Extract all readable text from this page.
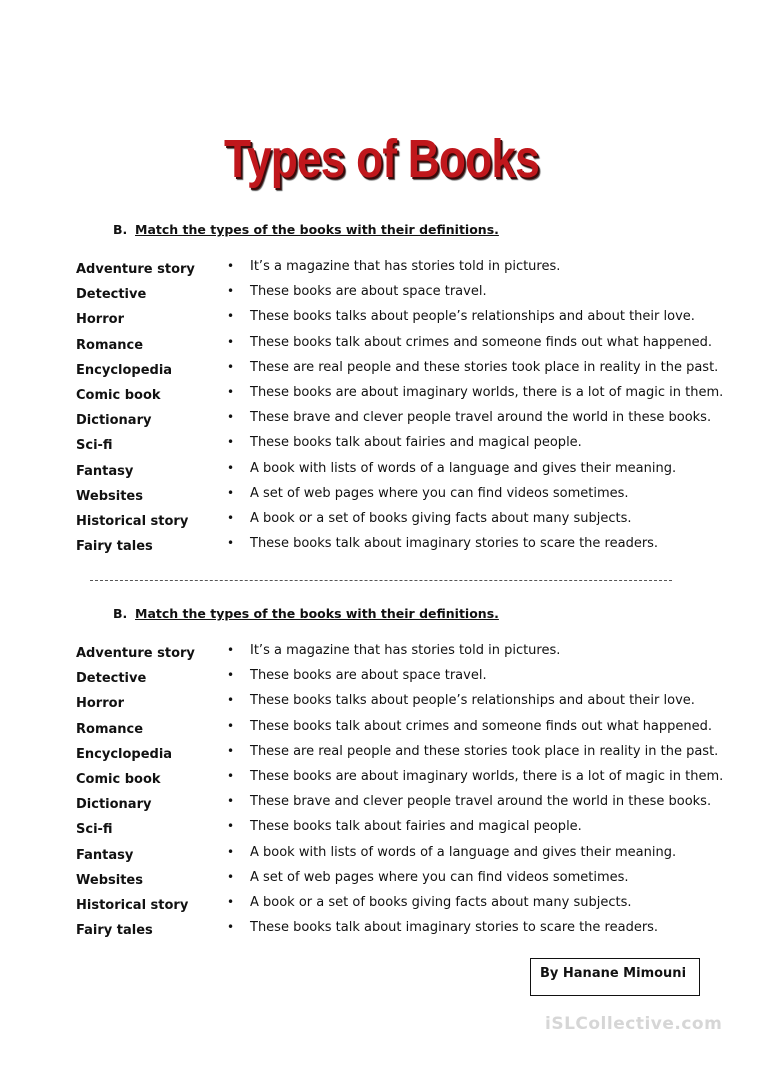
Types of Books
B. Match the types of the books with their definitions.
Adventure story	• It’s a magazine that has stories told in pictures.
Detective	• These books are about space travel.
Horror	• These books talks about people’s relationships and about their love.
Romance	• These books talk about crimes and someone finds out what happened.
Encyclopedia	• These are real people and these stories took place in reality in the past.
Comic book	• These books are about imaginary worlds, there is a lot of magic in them.
Dictionary	• These brave and clever people travel around the world in these books.
Sci-fi	• These books talk about fairies and magical people.
Fantasy	• A book with lists of words of a language and gives their meaning.
Websites	• A set of web pages where you can find videos sometimes.
Historical story	• A book or a set of books giving facts about many subjects.
Fairy tales	• These books talk about imaginary stories to scare the readers.
B. Match the types of the books with their definitions.
Adventure story	• It’s a magazine that has stories told in pictures.
Detective	• These books are about space travel.
Horror	• These books talks about people’s relationships and about their love.
Romance	• These books talk about crimes and someone finds out what happened.
Encyclopedia	• These are real people and these stories took place in reality in the past.
Comic book	• These books are about imaginary worlds, there is a lot of magic in them.
Dictionary	• These brave and clever people travel around the world in these books.
Sci-fi	• These books talk about fairies and magical people.
Fantasy	• A book with lists of words of a language and gives their meaning.
Websites	• A set of web pages where you can find videos sometimes.
Historical story	• A book or a set of books giving facts about many subjects.
Fairy tales	• These books talk about imaginary stories to scare the readers.
By Hanane Mimouni
iSLCollective.com
